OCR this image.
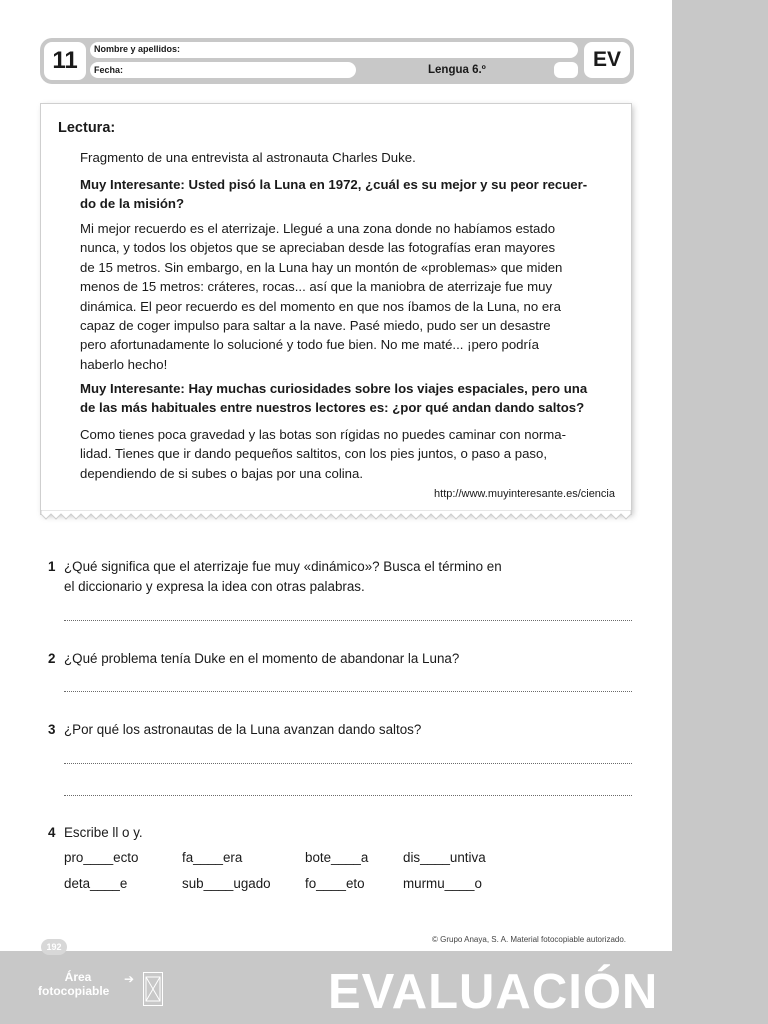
11	Nombre y apellidos:
Fecha:	Lengua 6.º	EV
Lectura:
Fragmento de una entrevista al astronauta Charles Duke.
Muy Interesante: Usted pisó la Luna en 1972, ¿cuál es su mejor y su peor recuer-
do de la misión?
Mi mejor recuerdo es el aterrizaje. Llegué a una zona donde no habíamos estado
nunca, y todos los objetos que se apreciaban desde las fotografías eran mayores
de 15 metros. Sin embargo, en la Luna hay un montón de «problemas» que miden
menos de 15 metros: cráteres, rocas... así que la maniobra de aterrizaje fue muy
dinámica. El peor recuerdo es del momento en que nos íbamos de la Luna, no era
capaz de coger impulso para saltar a la nave. Pasé miedo, pudo ser un desastre
pero afortunadamente lo solucioné y todo fue bien. No me maté... ¡pero podría
haberlo hecho!
Muy Interesante: Hay muchas curiosidades sobre los viajes espaciales, pero una
de las más habituales entre nuestros lectores es: ¿por qué andan dando saltos?
Como tienes poca gravedad y las botas son rígidas no puedes caminar con norma-
lidad. Tienes que ir dando pequeños saltitos, con los pies juntos, o paso a paso,
dependiendo de si subes o bajas por una colina.
http://www.muyinteresante.es/ciencia
1 ¿Qué significa que el aterrizaje fue muy «dinámico»? Busca el término en
el diccionario y expresa la idea con otras palabras.
2 ¿Qué problema tenía Duke en el momento de abandonar la Luna?
3 ¿Por qué los astronautas de la Luna avanzan dando saltos?
4 Escribe ll o y.
pro____ecto	fa____era	bote____a	dis____untiva
deta____e	sub____ugado	fo____eto	murmu____o
© Grupo Anaya, S. A. Material fotocopiable autorizado.
192
Área
fotocopiable
➔	EVALUACIÓN
